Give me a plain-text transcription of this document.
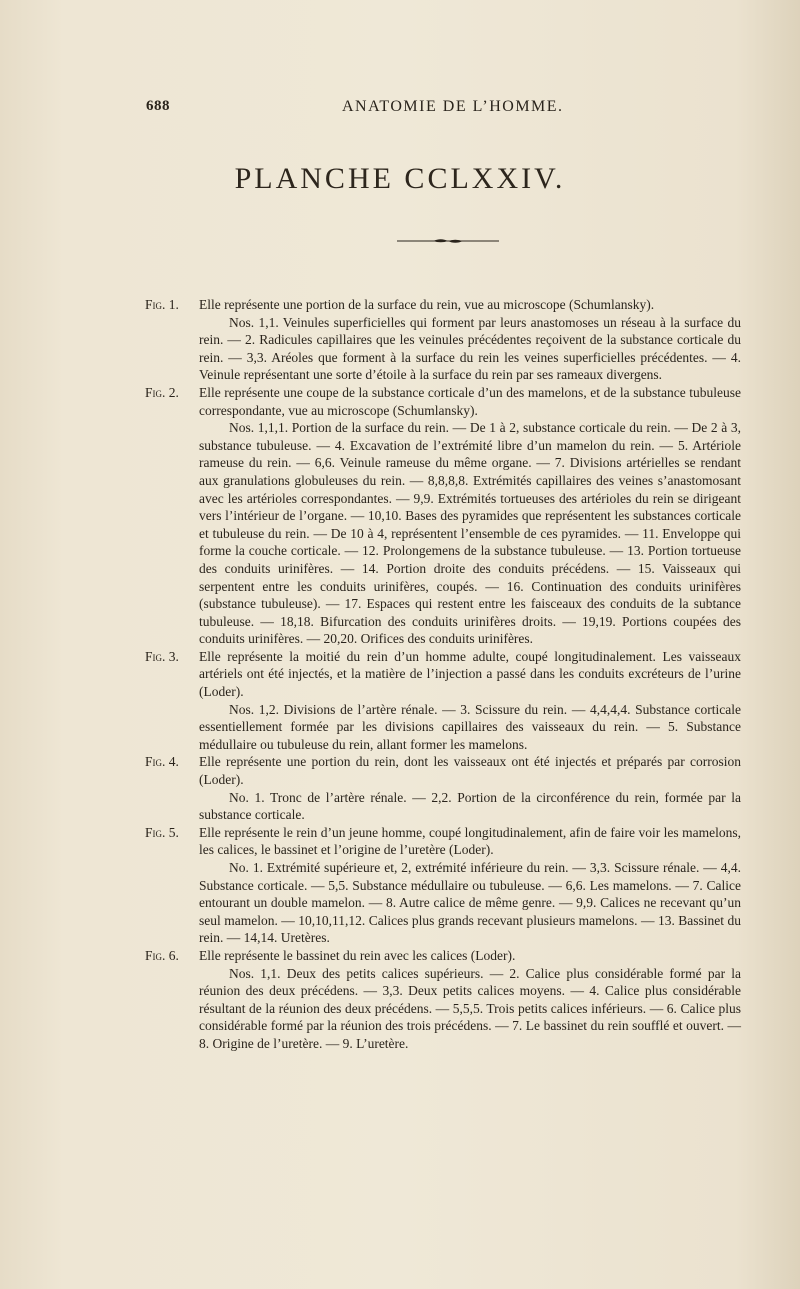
688	ANATOMIE DE L’HOMME.
PLANCHE CCLXXIV.
Fig. 1.	Elle représente une portion de la surface du rein, vue au microscope (Schumlansky).

Nos. 1,1. Veinules superficielles qui forment par leurs anastomoses un réseau à la surface du rein. — 2. Radicules capillaires que les veinules précédentes reçoivent de la substance corticale du rein. — 3,3. Aréoles que forment à la surface du rein les veines superficielles précédentes. — 4. Veinule représentant une sorte d’étoile à la surface du rein par ses rameaux divergens.

Fig. 2.	Elle représente une coupe de la substance corticale d’un des mamelons, et de la substance tubuleuse correspondante, vue au microscope (Schumlansky).

Nos. 1,1,1. Portion de la surface du rein. — De 1 à 2, substance corticale du rein. — De 2 à 3, substance tubuleuse. — 4. Excavation de l’extrémité libre d’un mamelon du rein. — 5. Artériole rameuse du rein. — 6,6. Veinule rameuse du même organe. — 7. Divisions artérielles se rendant aux granulations globuleuses du rein. — 8,8,8,8. Extrémités capillaires des veines s’anastomosant avec les artérioles correspondantes. — 9,9. Extrémités tortueuses des artérioles du rein se dirigeant vers l’intérieur de l’organe. — 10,10. Bases des pyramides que représentent les substances corticale et tubuleuse du rein. — De 10 à 4, représentent l’ensemble de ces pyramides. — 11. Enveloppe qui forme la couche corticale. — 12. Prolongemens de la substance tubuleuse. — 13. Portion tortueuse des conduits urinifères. — 14. Portion droite des conduits précédens. — 15. Vaisseaux qui serpentent entre les conduits urinifères, coupés. — 16. Continuation des conduits urinifères (substance tubuleuse). — 17. Espaces qui restent entre les faisceaux des conduits de la subtance tubuleuse. — 18,18. Bifurcation des conduits urinifères droits. — 19,19. Portions coupées des conduits urinifères. — 20,20. Orifices des conduits urinifères.

Fig. 3.	Elle représente la moitié du rein d’un homme adulte, coupé longitudinalement. Les vaisseaux artériels ont été injectés, et la matière de l’injection a passé dans les conduits excréteurs de l’urine (Loder).

Nos. 1,2. Divisions de l’artère rénale. — 3. Scissure du rein. — 4,4,4,4. Substance corticale essentiellement formée par les divisions capillaires des vaisseaux du rein. — 5. Substance médullaire ou tubuleuse du rein, allant former les mamelons.

Fig. 4.	Elle représente une portion du rein, dont les vaisseaux ont été injectés et préparés par corrosion (Loder).

No. 1. Tronc de l’artère rénale. — 2,2. Portion de la circonférence du rein, formée par la substance corticale.

Fig. 5.	Elle représente le rein d’un jeune homme, coupé longitudinalement, afin de faire voir les mamelons, les calices, le bassinet et l’origine de l’uretère (Loder).

No. 1. Extrémité supérieure et, 2, extrémité inférieure du rein. — 3,3. Scissure rénale. — 4,4. Substance corticale. — 5,5. Substance médullaire ou tubuleuse. — 6,6. Les mamelons. — 7. Calice entourant un double mamelon. — 8. Autre calice de même genre. — 9,9. Calices ne recevant qu’un seul mamelon. — 10,10,11,12. Calices plus grands recevant plusieurs mamelons. — 13. Bassinet du rein. — 14,14. Uretères.

Fig. 6.	Elle représente le bassinet du rein avec les calices (Loder).

Nos. 1,1. Deux des petits calices supérieurs. — 2. Calice plus considérable formé par la réunion des deux précédens. — 3,3. Deux petits calices moyens. — 4. Calice plus considérable résultant de la réunion des deux précédens. — 5,5,5. Trois petits calices inférieurs. — 6. Calice plus considérable formé par la réunion des trois précédens. — 7. Le bassinet du rein soufflé et ouvert. — 8. Origine de l’uretère. — 9. L’uretère.
